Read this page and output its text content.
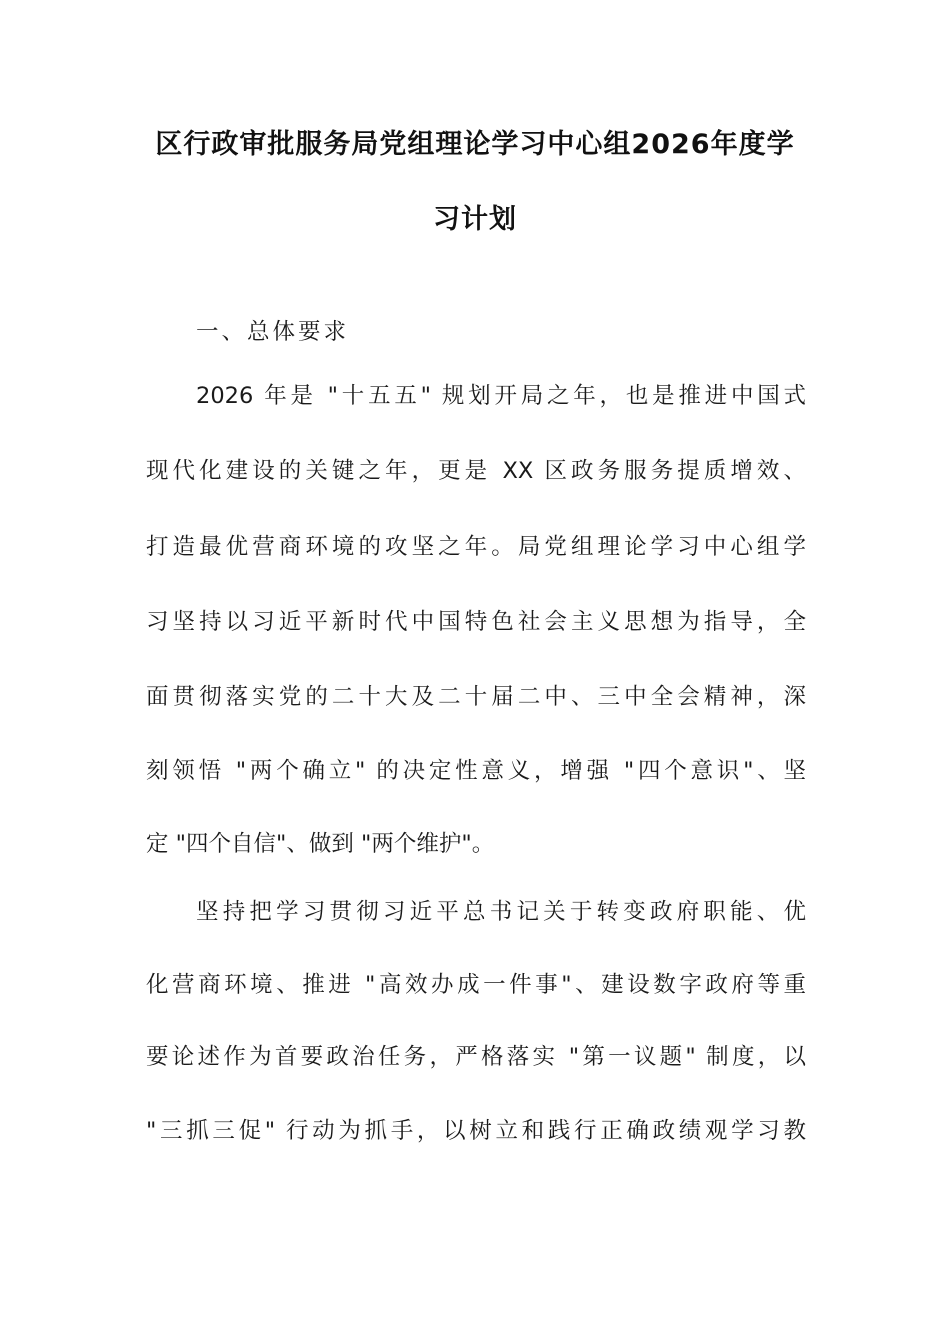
区行政审批服务局党组理论学习中心组2026年度学
习计划
一、总体要求
2026 年是 "十五五" 规划开局之年，也是推进中国式
现代化建设的关键之年，更是 XX 区政务服务提质增效、
打造最优营商环境的攻坚之年。局党组理论学习中心组学
习坚持以习近平新时代中国特色社会主义思想为指导，全
面贯彻落实党的二十大及二十届二中、三中全会精神，深
刻领悟 "两个确立" 的决定性意义，增强 "四个意识"、坚
定 "四个自信"、做到 "两个维护"。
坚持把学习贯彻习近平总书记关于转变政府职能、优
化营商环境、推进 "高效办成一件事"、建设数字政府等重
要论述作为首要政治任务，严格落实 "第一议题" 制度，以
"三抓三促" 行动为抓手，以树立和践行正确政绩观学习教
